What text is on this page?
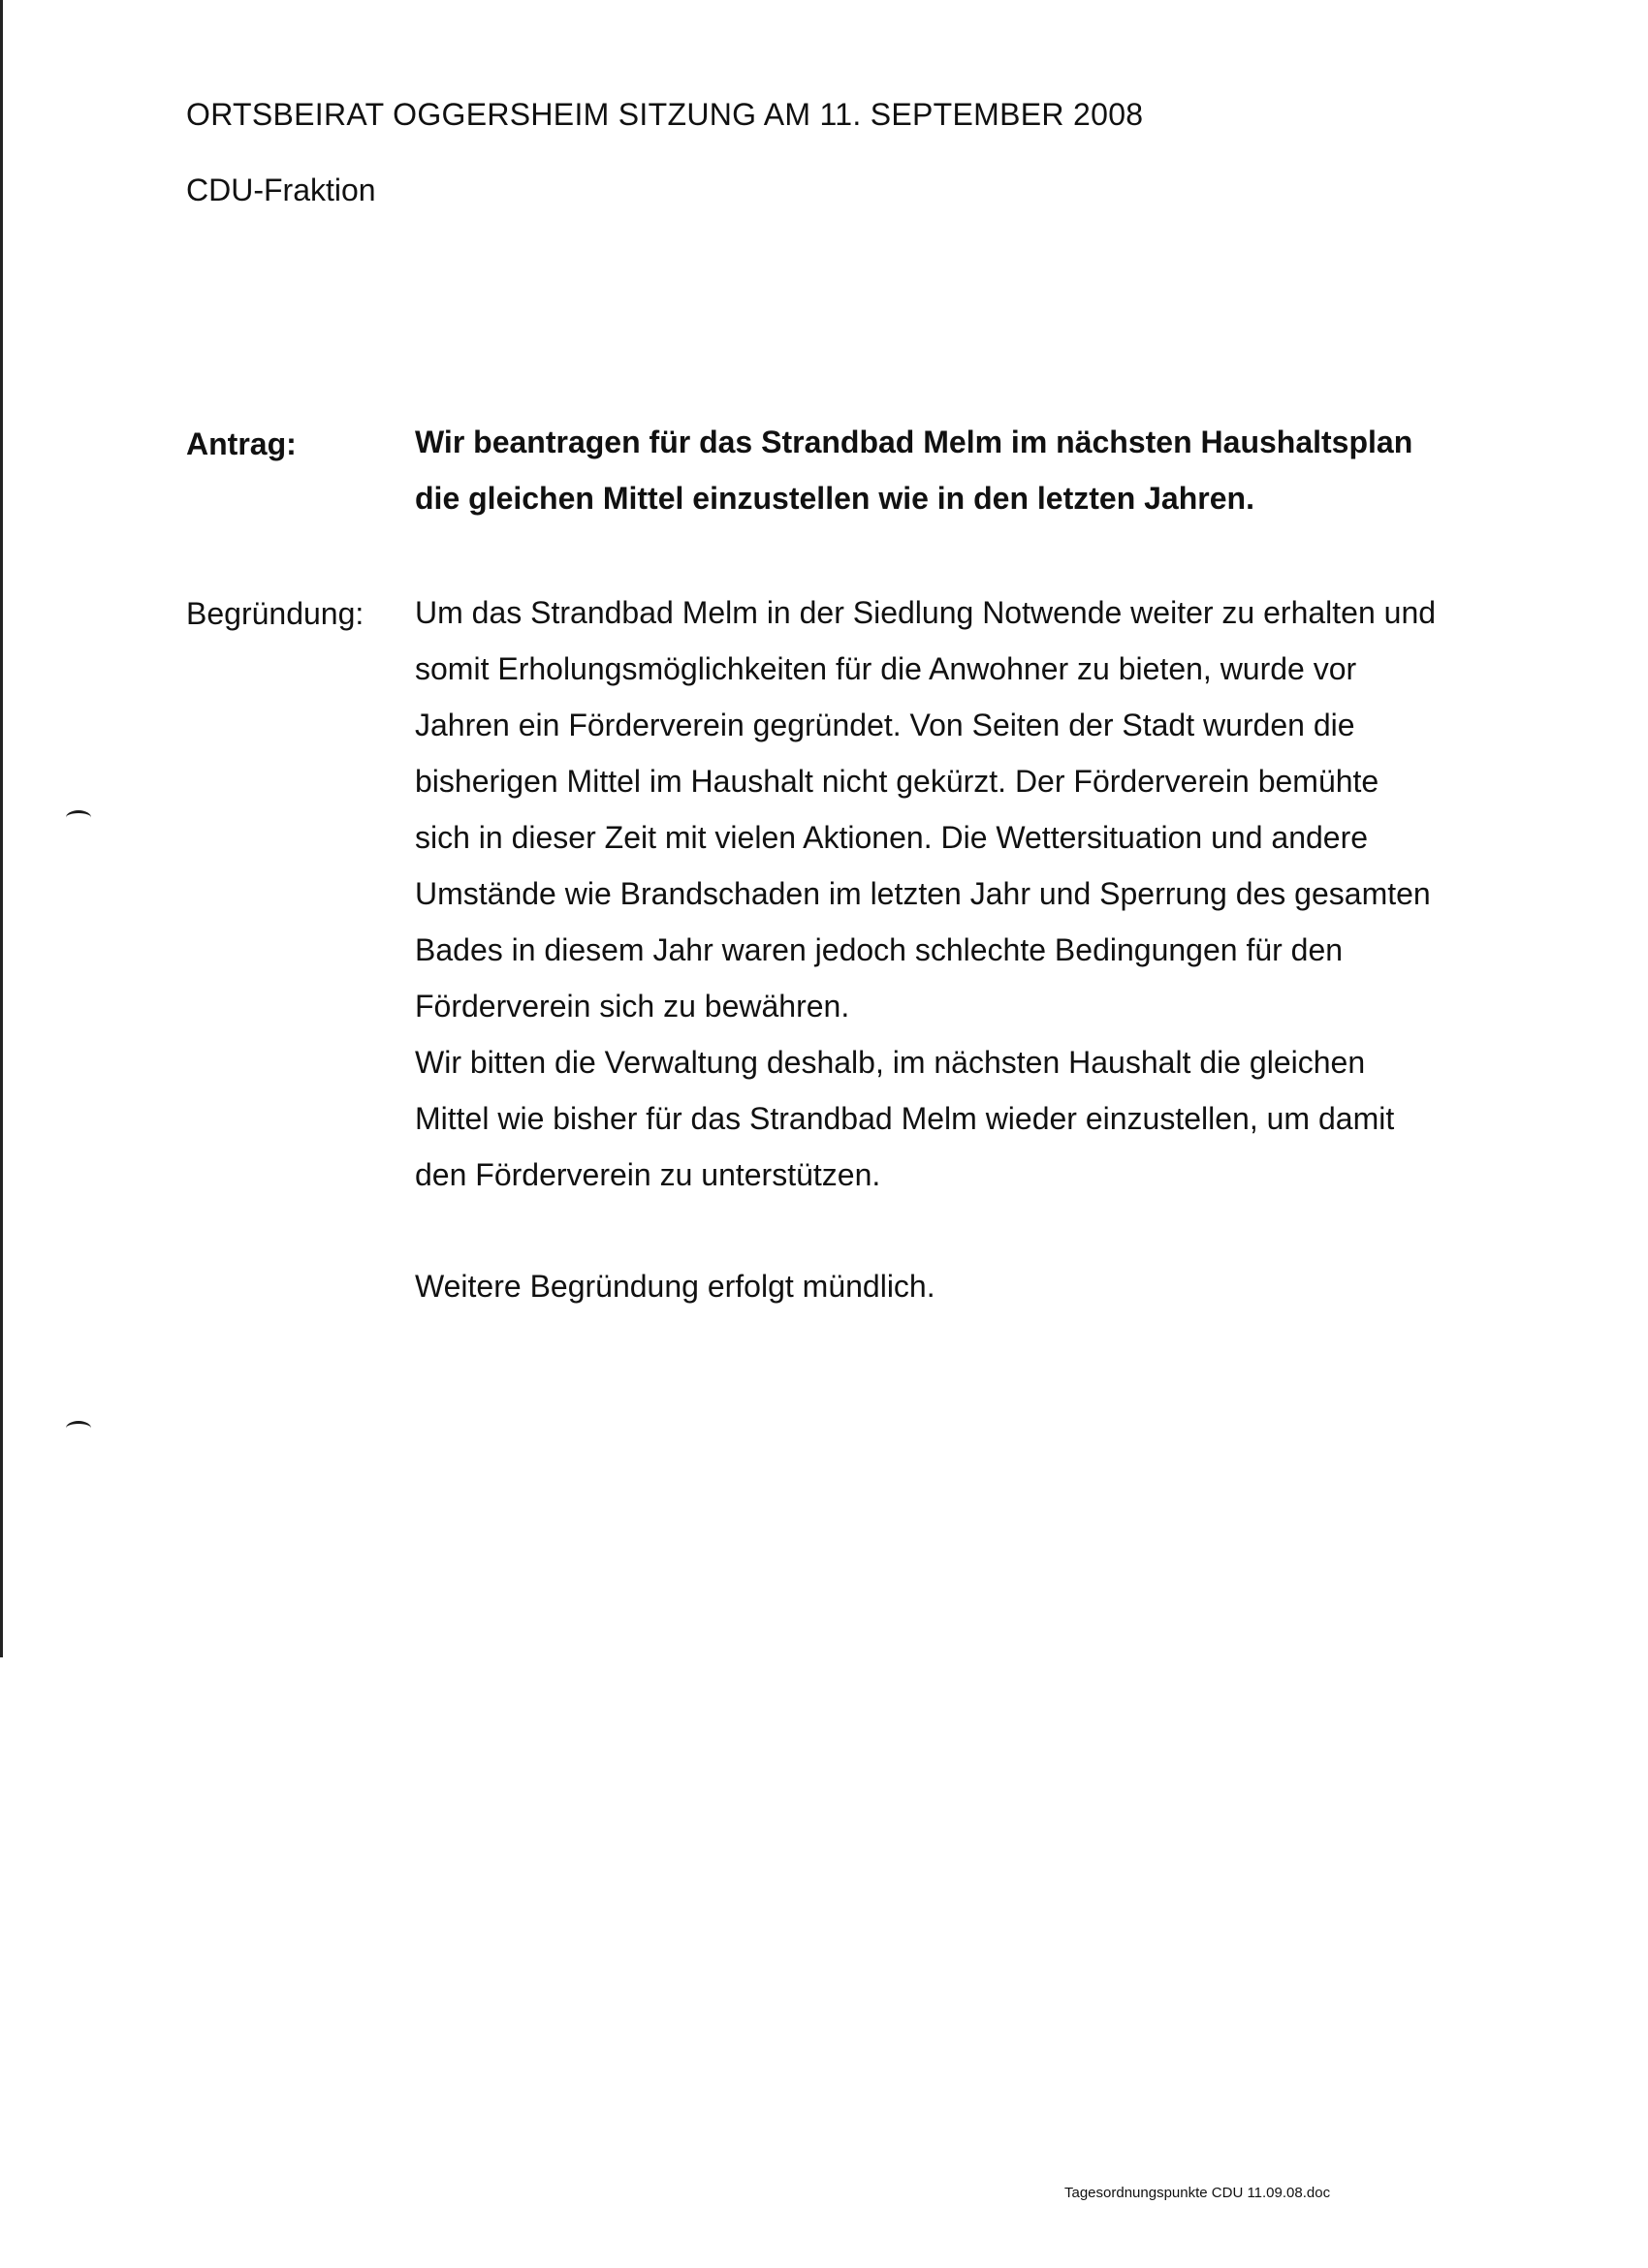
ORTSBEIRAT OGGERSHEIM SITZUNG AM 11. SEPTEMBER 2008
CDU-Fraktion
Antrag:	Wir beantragen für das Strandbad Melm im nächsten Haushaltsplan
die gleichen Mittel einzustellen wie in den letzten Jahren.
Begründung: Um das Strandbad Melm in der Siedlung Notwende weiter zu erhalten und
somit Erholungsmöglichkeiten für die Anwohner zu bieten, wurde vor
Jahren ein Förderverein gegründet. Von Seiten der Stadt wurden die
bisherigen Mittel im Haushalt nicht gekürzt. Der Förderverein bemühte
sich in dieser Zeit mit vielen Aktionen. Die Wettersituation und andere
Umstände wie Brandschaden im letzten Jahr und Sperrung des gesamten
Bades in diesem Jahr waren jedoch schlechte Bedingungen für den
Förderverein sich zu bewähren.
Wir bitten die Verwaltung deshalb, im nächsten Haushalt die gleichen
Mittel wie bisher für das Strandbad Melm wieder einzustellen, um damit
den Förderverein zu unterstützen.
Weitere Begründung erfolgt mündlich.
Tagesordnungspunkte CDU 11.09.08.doc
